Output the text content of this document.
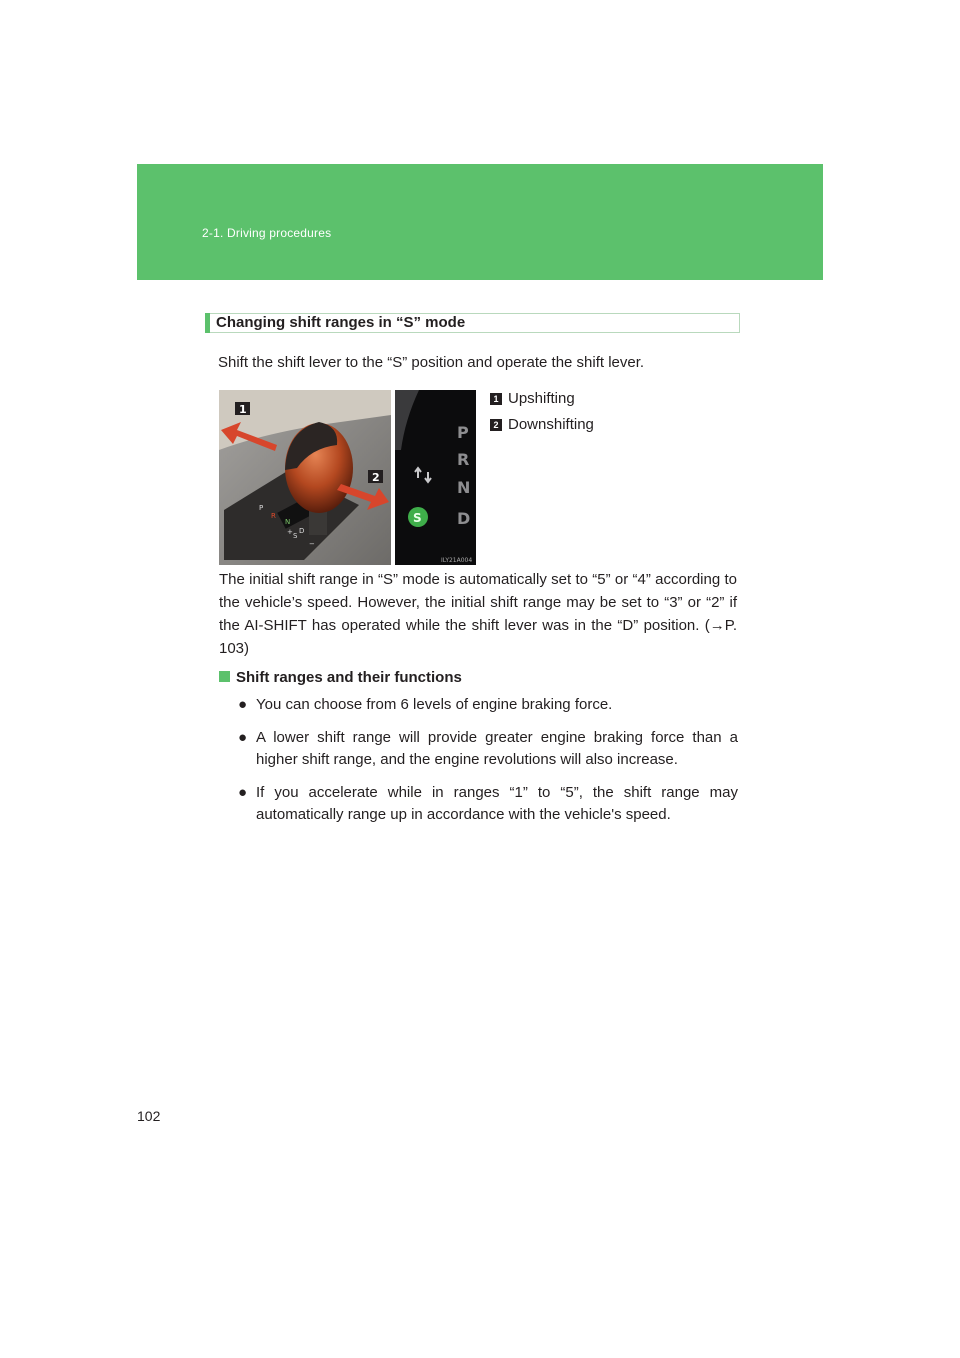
2-1. Driving procedures
Changing shift ranges in “S” mode
Shift the shift lever to the “S” position and operate the shift lever.
P
R
N
S
D
+
−
1
2
P
R
N
D
S
ILY21A004
1 Upshifting
2 Downshifting
The initial shift range in “S” mode is automatically set to “5” or “4” according to the vehicle’s speed. However, the initial shift range may be set to “3” or “2” if the AI-SHIFT has operated while the shift lever was in the “D” position. (→P. 103)
Shift ranges and their functions
● You can choose from 6 levels of engine braking force.
● A lower shift range will provide greater engine braking force than a higher shift range, and the engine revolutions will also increase.
● If you accelerate while in ranges “1” to “5”, the shift range may automatically range up in accordance with the vehicle's speed.
102
